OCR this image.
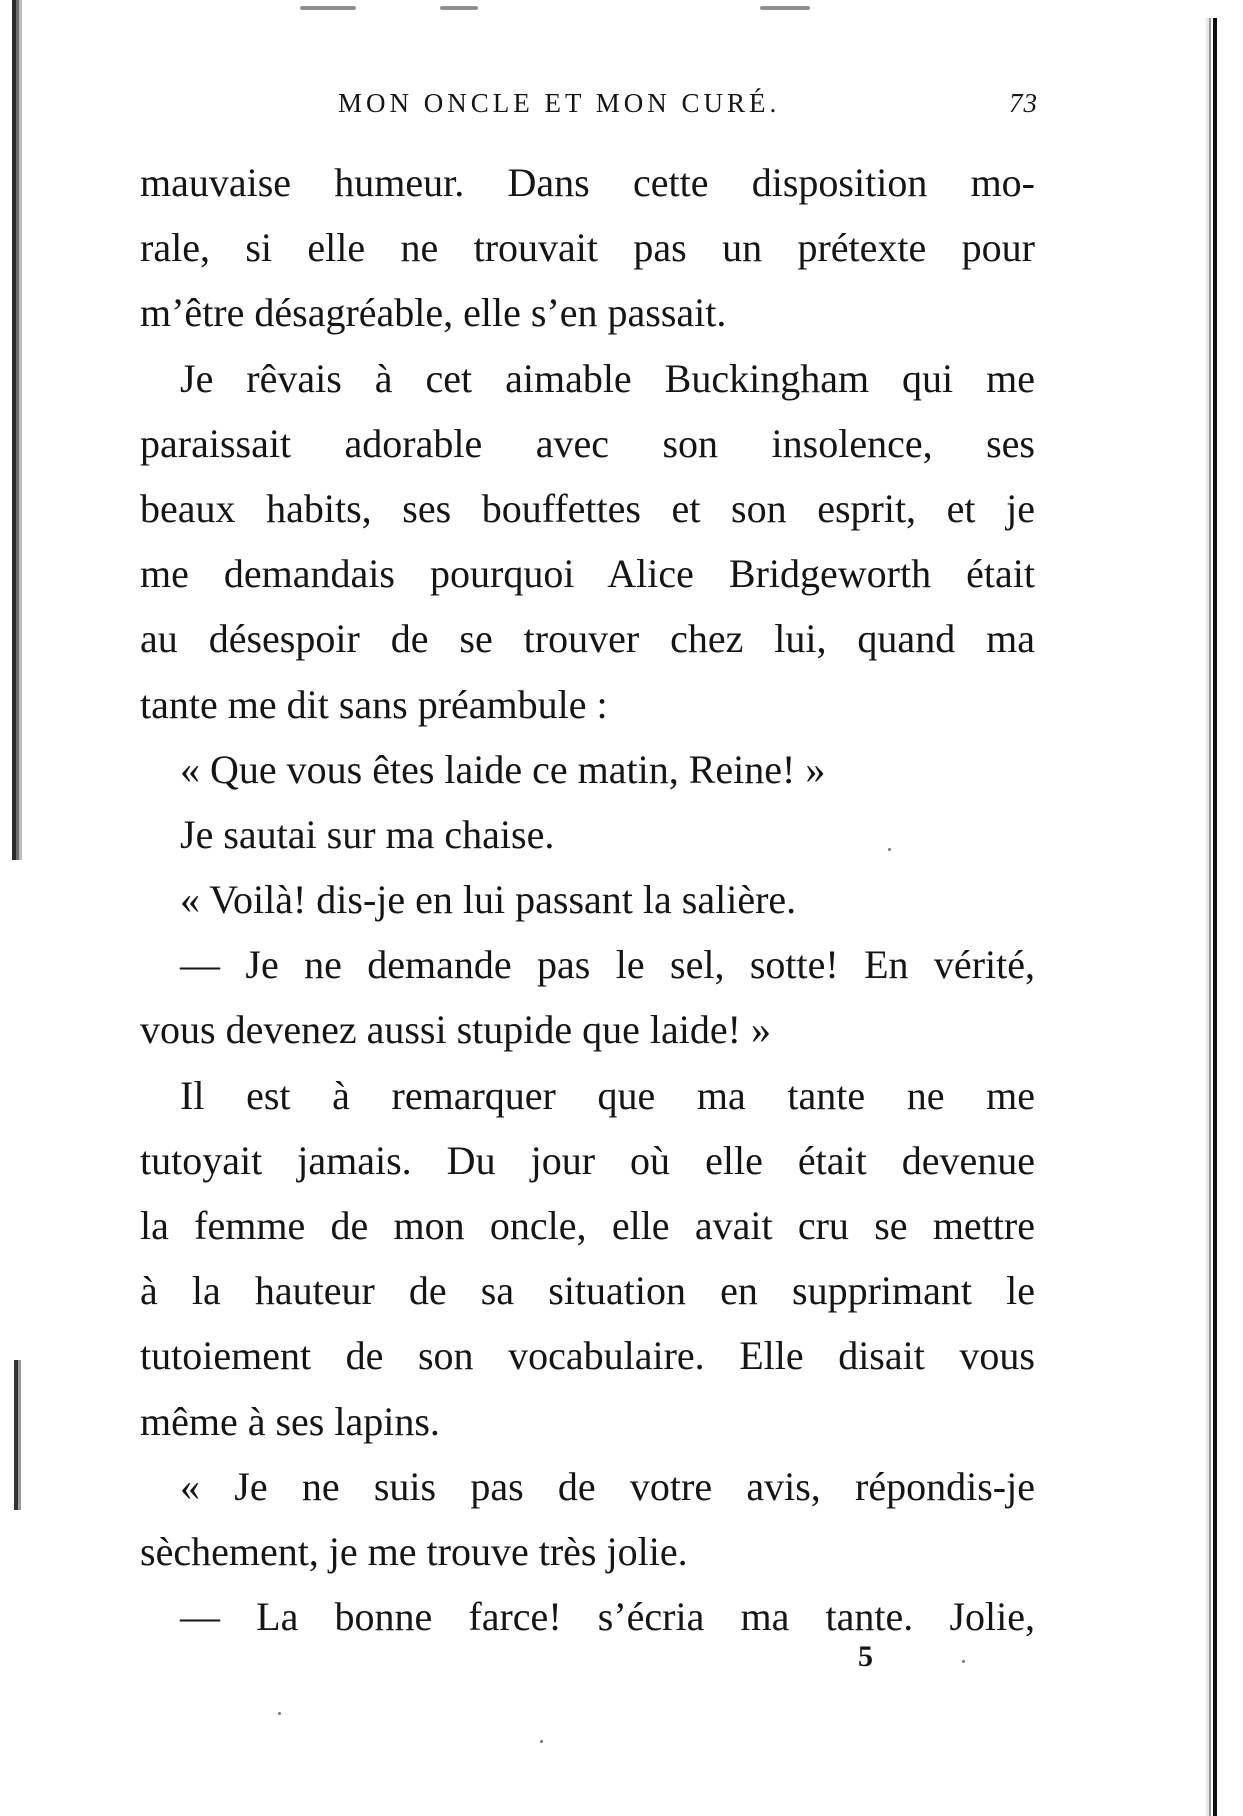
MON ONCLE ET MON CURÉ.	73
mauvaise humeur. Dans cette disposition mo-
rale, si elle ne trouvait pas un prétexte pour
m’être désagréable, elle s’en passait.
Je rêvais à cet aimable Buckingham qui me
paraissait adorable avec son insolence, ses
beaux habits, ses bouffettes et son esprit, et je
me demandais pourquoi Alice Bridgeworth était
au désespoir de se trouver chez lui, quand ma
tante me dit sans préambule :
« Que vous êtes laide ce matin, Reine! »
Je sautai sur ma chaise.
« Voilà! dis-je en lui passant la salière.
— Je ne demande pas le sel, sotte! En vérité,
vous devenez aussi stupide que laide! »
Il est à remarquer que ma tante ne me
tutoyait jamais. Du jour où elle était devenue
la femme de mon oncle, elle avait cru se mettre
à la hauteur de sa situation en supprimant le
tutoiement de son vocabulaire. Elle disait vous
même à ses lapins.
« Je ne suis pas de votre avis, répondis-je
sèchement, je me trouve très jolie.
— La bonne farce! s’écria ma tante. Jolie,
5
